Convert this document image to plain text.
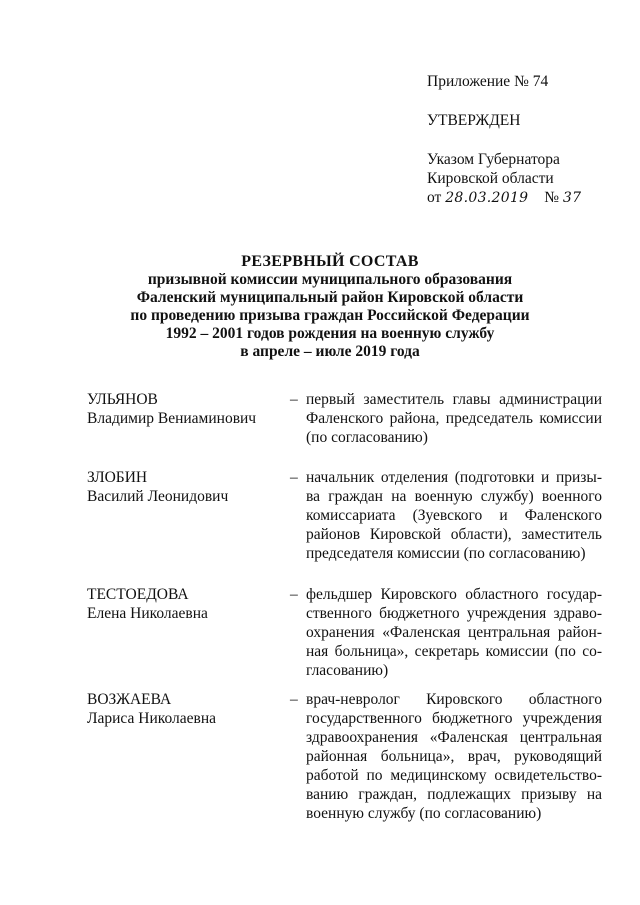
Приложение № 74
УТВЕРЖДЕН
Указом Губернатора
Кировской области
от 28.03.2019 № 37
РЕЗЕРВНЫЙ СОСТАВ
призывной комиссии муниципального образования
Фаленский муниципальный район Кировской области
по проведению призыва граждан Российской Федерации
1992 – 2001 годов рождения на военную службу
в апреле – июле 2019 года
УЛЬЯНОВ
Владимир Вениаминович
– первый заместитель главы администрации
Фаленского района, председатель комиссии
(по согласованию)
ЗЛОБИН
Василий Леонидович
– начальник отделения (подготовки и призы-
ва граждан на военную службу) военного
комиссариата (Зуевского и Фаленского
районов Кировской области), заместитель
председателя комиссии (по согласованию)
ТЕСТОЕДОВА
Елена Николаевна
– фельдшер Кировского областного государ-
ственного бюджетного учреждения здраво-
охранения «Фаленская центральная район-
ная больница», секретарь комиссии (по со-
гласованию)
ВОЗЖАЕВА
Лариса Николаевна
– врач-невролог Кировского областного
государственного бюджетного учреждения
здравоохранения «Фаленская центральная
районная больница», врач, руководящий
работой по медицинскому освидетельство-
ванию граждан, подлежащих призыву на
военную службу (по согласованию)
